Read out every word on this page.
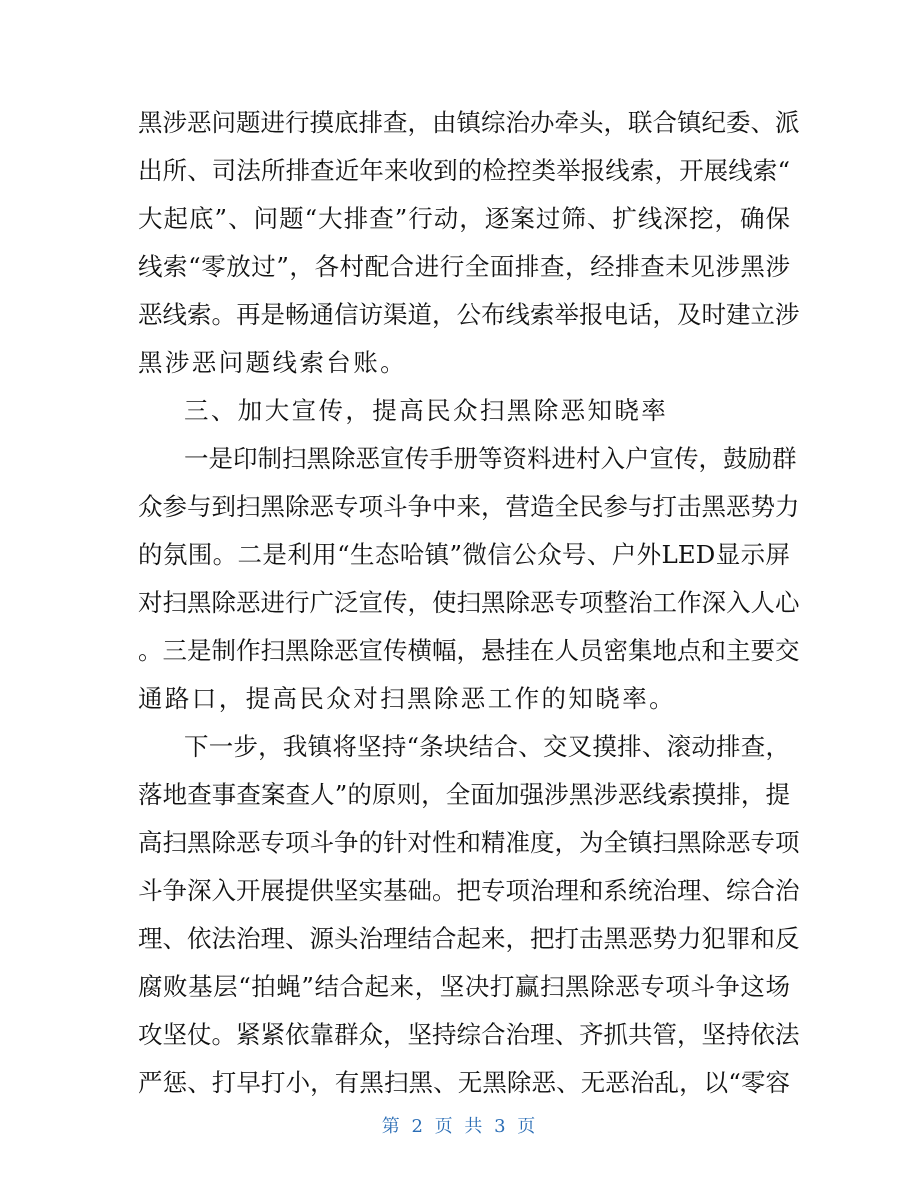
黑涉恶问题进行摸底排查，由镇综治办牵头，联合镇纪委、派
出所、司法所排查近年来收到的检控类举报线索，开展线索“
大起底”、问题“大排查”行动，逐案过筛、扩线深挖，确保
线索“零放过”，各村配合进行全面排查，经排查未见涉黑涉
恶线索。再是畅通信访渠道，公布线索举报电话，及时建立涉
黑涉恶问题线索台账。
三、加大宣传，提高民众扫黑除恶知晓率
一是印制扫黑除恶宣传手册等资料进村入户宣传，鼓励群
众参与到扫黑除恶专项斗争中来，营造全民参与打击黑恶势力
的氛围。二是利用“生态哈镇”微信公众号、户外LED显示屏
对扫黑除恶进行广泛宣传，使扫黑除恶专项整治工作深入人心
。三是制作扫黑除恶宣传横幅，悬挂在人员密集地点和主要交
通路口，提高民众对扫黑除恶工作的知晓率。
下一步，我镇将坚持“条块结合、交叉摸排、滚动排查，
落地查事查案查人”的原则，全面加强涉黑涉恶线索摸排，提
高扫黑除恶专项斗争的针对性和精准度，为全镇扫黑除恶专项
斗争深入开展提供坚实基础。把专项治理和系统治理、综合治
理、依法治理、源头治理结合起来，把打击黑恶势力犯罪和反
腐败基层“拍蝇”结合起来，坚决打赢扫黑除恶专项斗争这场
攻坚仗。紧紧依靠群众，坚持综合治理、齐抓共管，坚持依法
严惩、打早打小，有黑扫黑、无黑除恶、无恶治乱，以“零容
第 2 页 共 3 页
